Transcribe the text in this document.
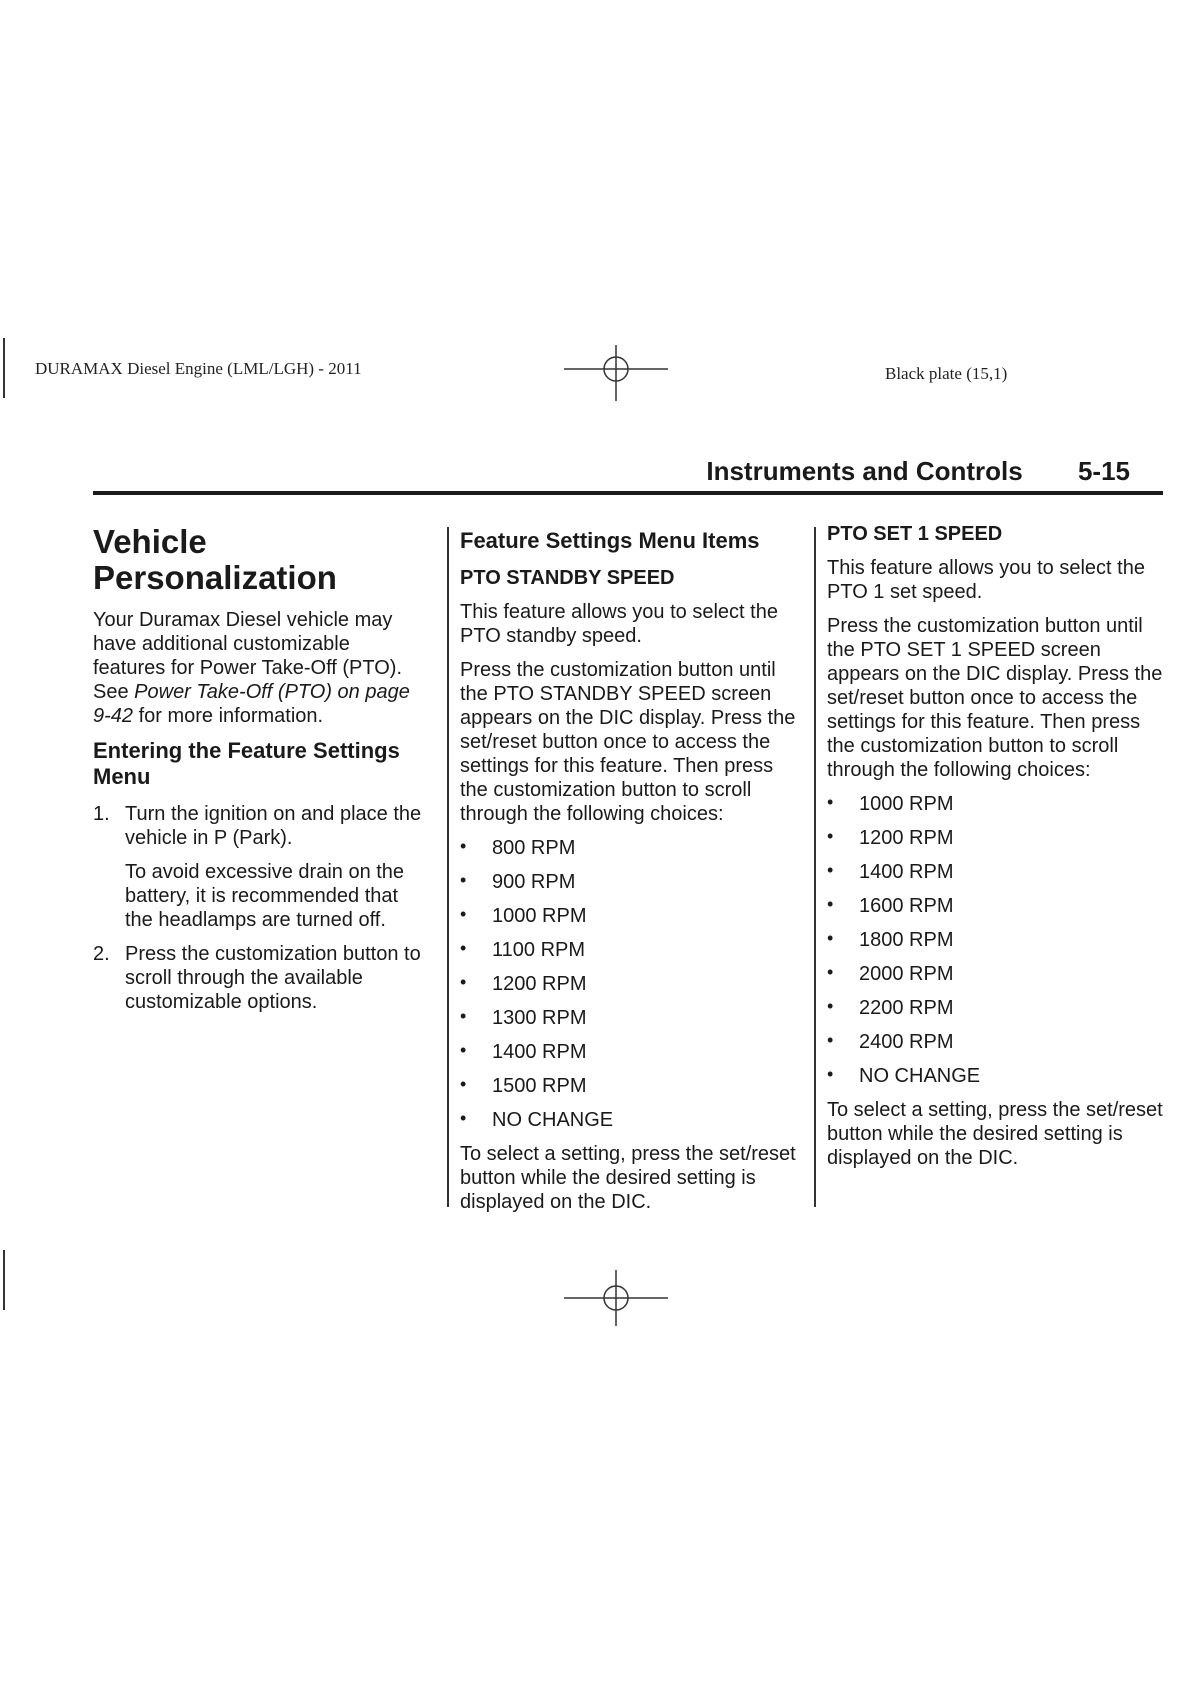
DURAMAX Diesel Engine (LML/LGH) - 2011	Black plate (15,1)
Instruments and Controls 5-15
Vehicle Personalization

Your Duramax Diesel vehicle may have additional customizable features for Power Take-Off (PTO). See Power Take-Off (PTO) on page 9-42 for more information.

Entering the Feature Settings Menu
1. Turn the ignition on and place the vehicle in P (Park).

To avoid excessive drain on the battery, it is recommended that the headlamps are turned off.

2. Press the customization button to scroll through the available customizable options.

Feature Settings Menu Items
PTO STANDBY SPEED

This feature allows you to select the PTO standby speed.

Press the customization button until the PTO STANDBY SPEED screen appears on the DIC display. Press the set/reset button once to access the settings for this feature. Then press the customization button to scroll through the following choices:

• 800 RPM
• 900 RPM
• 1000 RPM
• 1100 RPM
• 1200 RPM
• 1300 RPM
• 1400 RPM
• 1500 RPM
• NO CHANGE

To select a setting, press the set/reset button while the desired setting is displayed on the DIC.

PTO SET 1 SPEED

This feature allows you to select the PTO 1 set speed.

Press the customization button until the PTO SET 1 SPEED screen appears on the DIC display. Press the set/reset button once to access the settings for this feature. Then press the customization button to scroll through the following choices:

• 1000 RPM
• 1200 RPM
• 1400 RPM
• 1600 RPM
• 1800 RPM
• 2000 RPM
• 2200 RPM
• 2400 RPM
• NO CHANGE

To select a setting, press the set/reset button while the desired setting is displayed on the DIC.
